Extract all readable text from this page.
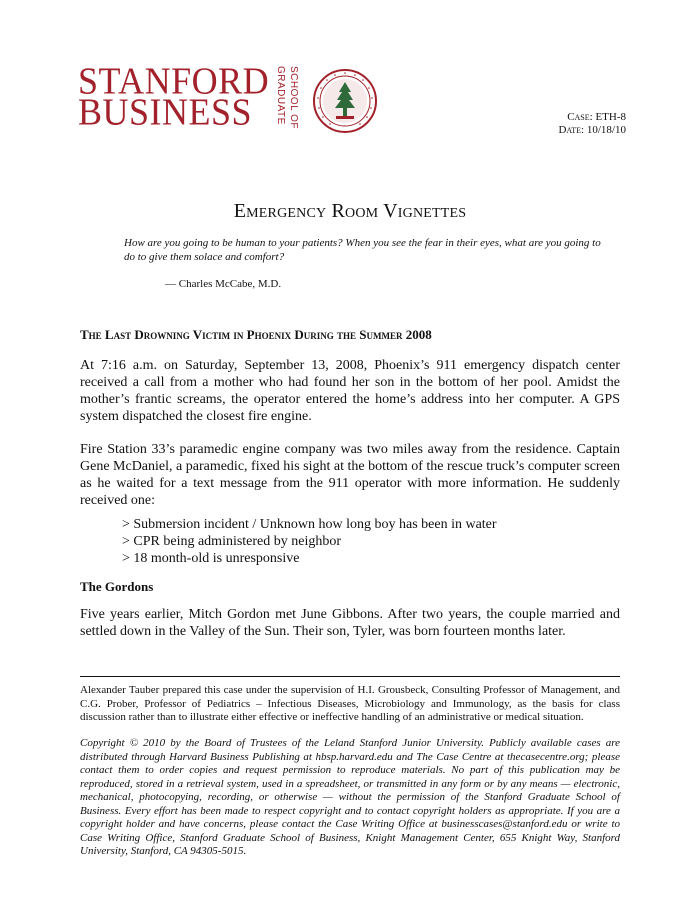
STANFORD
BUSINESS	GRADUATE SCHOOL OF	Case: ETH-8
Date: 10/18/10
Emergency Room Vignettes
How are you going to be human to your patients? When you see the fear in their eyes, what are you going to do to give them solace and comfort?
— Charles McCabe, M.D.
The Last Drowning Victim in Phoenix During the Summer 2008
At 7:16 a.m. on Saturday, September 13, 2008, Phoenix’s 911 emergency dispatch center received a call from a mother who had found her son in the bottom of her pool. Amidst the mother’s frantic screams, the operator entered the home’s address into her computer. A GPS system dispatched the closest fire engine.
Fire Station 33’s paramedic engine company was two miles away from the residence. Captain Gene McDaniel, a paramedic, fixed his sight at the bottom of the rescue truck’s computer screen as he waited for a text message from the 911 operator with more information. He suddenly received one:
> Submersion incident / Unknown how long boy has been in water
> CPR being administered by neighbor
> 18 month-old is unresponsive
The Gordons
Five years earlier, Mitch Gordon met June Gibbons. After two years, the couple married and settled down in the Valley of the Sun. Their son, Tyler, was born fourteen months later.
Alexander Tauber prepared this case under the supervision of H.I. Grousbeck, Consulting Professor of Management, and C.G. Prober, Professor of Pediatrics – Infectious Diseases, Microbiology and Immunology, as the basis for class discussion rather than to illustrate either effective or ineffective handling of an administrative or medical situation.
Copyright © 2010 by the Board of Trustees of the Leland Stanford Junior University. Publicly available cases are distributed through Harvard Business Publishing at hbsp.harvard.edu and The Case Centre at thecasecentre.org; please contact them to order copies and request permission to reproduce materials. No part of this publication may be reproduced, stored in a retrieval system, used in a spreadsheet, or transmitted in any form or by any means — electronic, mechanical, photocopying, recording, or otherwise — without the permission of the Stanford Graduate School of Business. Every effort has been made to respect copyright and to contact copyright holders as appropriate. If you are a copyright holder and have concerns, please contact the Case Writing Office at businesscases@stanford.edu or write to Case Writing Office, Stanford Graduate School of Business, Knight Management Center, 655 Knight Way, Stanford University, Stanford, CA 94305-5015.
